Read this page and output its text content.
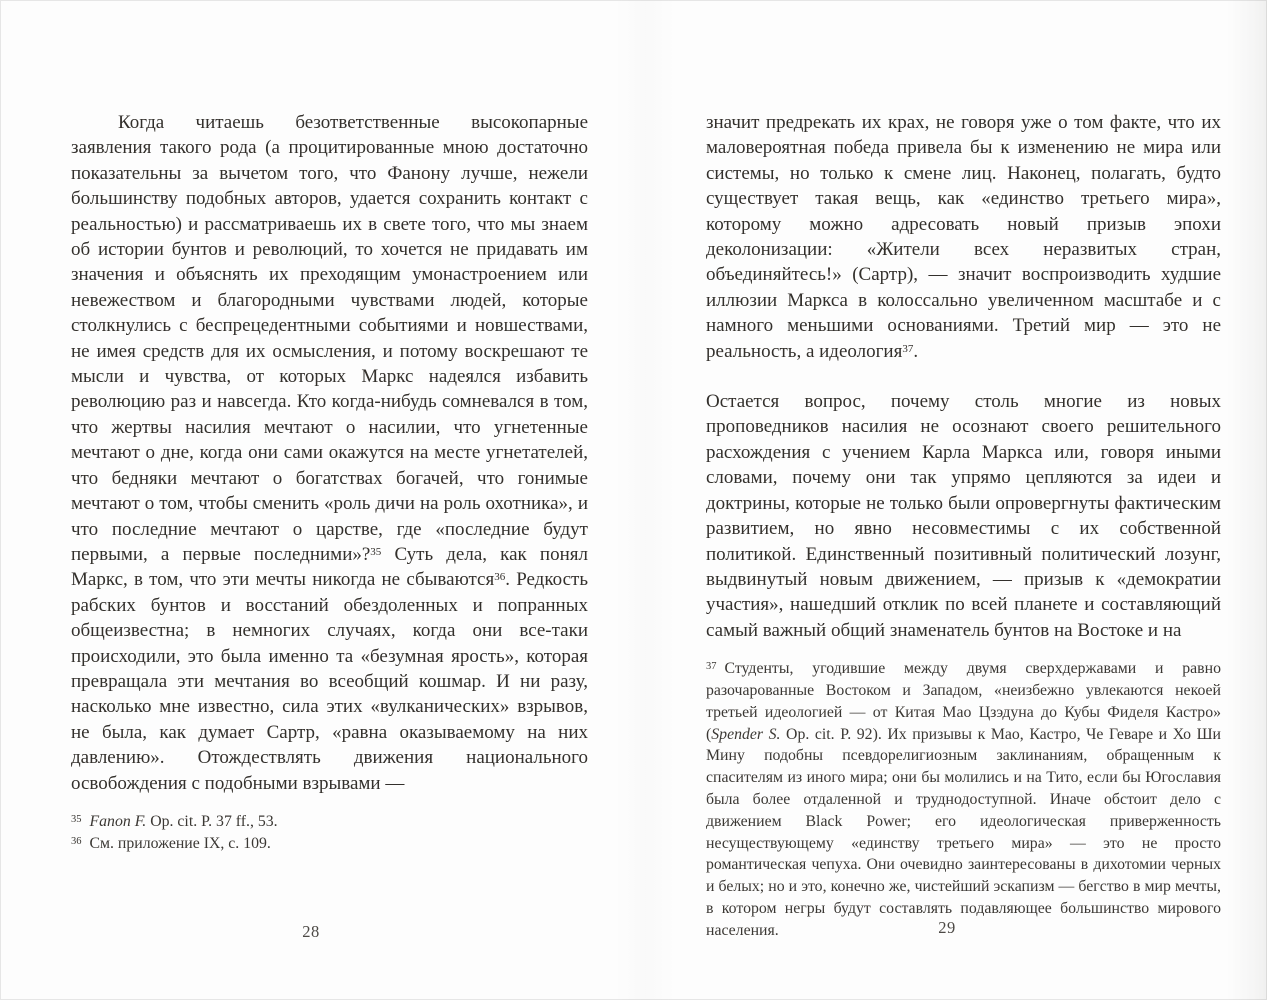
Когда читаешь безответственные высокопарные заявления такого рода (а процитированные мною достаточно показательны за вычетом того, что Фанону лучше, нежели большинству подобных авторов, удается сохранить контакт с реальностью) и рассматриваешь их в свете того, что мы знаем об истории бунтов и революций, то хочется не придавать им значения и объяснять их преходящим умонастроением или невежеством и благородными чувствами людей, которые столкнулись с беспрецедентными событиями и новшествами, не имея средств для их осмысления, и потому воскрешают те мысли и чувства, от которых Маркс надеялся избавить революцию раз и навсегда. Кто когда-нибудь сомневался в том, что жертвы насилия мечтают о насилии, что угнетенные мечтают о дне, когда они сами окажутся на месте угнетателей, что бедняки мечтают о богатствах богачей, что гонимые мечтают о том, чтобы сменить «роль дичи на роль охотника», и что последние мечтают о царстве, где «последние будут первыми, а первые последними»?$^{35}$ Суть дела, как понял Маркс, в том, что эти мечты никогда не сбываются$^{36}$. Редкость рабских бунтов и восстаний обездоленных и попранных общеизвестна; в немногих случаях, когда они все-таки происходили, это была именно та «безумная ярость», которая превращала эти мечтания во всеобщий кошмар. И ни разу, насколько мне известно, сила этих «вулканических» взрывов, не была, как думает Сартр, «равна оказываемому на них давлению». Отождествлять движения национального освобождения с подобными взрывами —

$^{35}$ Fanon F. Op. cit. P. 37 ff., 53.
$^{36}$ См. приложение IX, с. 109.
28

значит предрекать их крах, не говоря уже о том факте, что их маловероятная победа привела бы к изменению не мира или системы, но только к смене лиц. Наконец, полагать, будто существует такая вещь, как «единство третьего мира», которому можно адресовать новый призыв эпохи деколонизации: «Жители всех неразвитых стран, объединяйтесь!» (Сартр), — значит воспроизводить худшие иллюзии Маркса в колоссально увеличенном масштабе и с намного меньшими основаниями. Третий мир — это не реальность, а идеология$^{37}$.

Остается вопрос, почему столь многие из новых проповедников насилия не осознают своего решительного расхождения с учением Карла Маркса или, говоря иными словами, почему они так упрямо цепляются за идеи и доктрины, которые не только были опровергнуты фактическим развитием, но явно несовместимы с их собственной политикой. Единственный позитивный политический лозунг, выдвинутый новым движением, — призыв к «демократии участия», нашедший отклик по всей планете и составляющий самый важный общий знаменатель бунтов на Востоке и на

$^{37}$ Студенты, угодившие между двумя сверхдержавами и равно разочарованные Востоком и Западом, «неизбежно увлекаются некоей третьей идеологией — от Китая Мао Цзэдуна до Кубы Фиделя Кастро» (Spender S. Op. cit. P. 92). Их призывы к Мао, Кастро, Че Геваре и Хо Ши Мину подобны псевдорелигиозным заклинаниям, обращенным к спасителям из иного мира; они бы молились и на Тито, если бы Югославия была более отдаленной и труднодоступной. Иначе обстоит дело с движением Black Power; его идеологическая приверженность несуществующему «единству третьего мира» — это не просто романтическая чепуха. Они очевидно заинтересованы в дихотомии черных и белых; но и это, конечно же, чистейший эскапизм — бегство в мир мечты, в котором негры будут составлять подавляющее большинство мирового населения.	29
